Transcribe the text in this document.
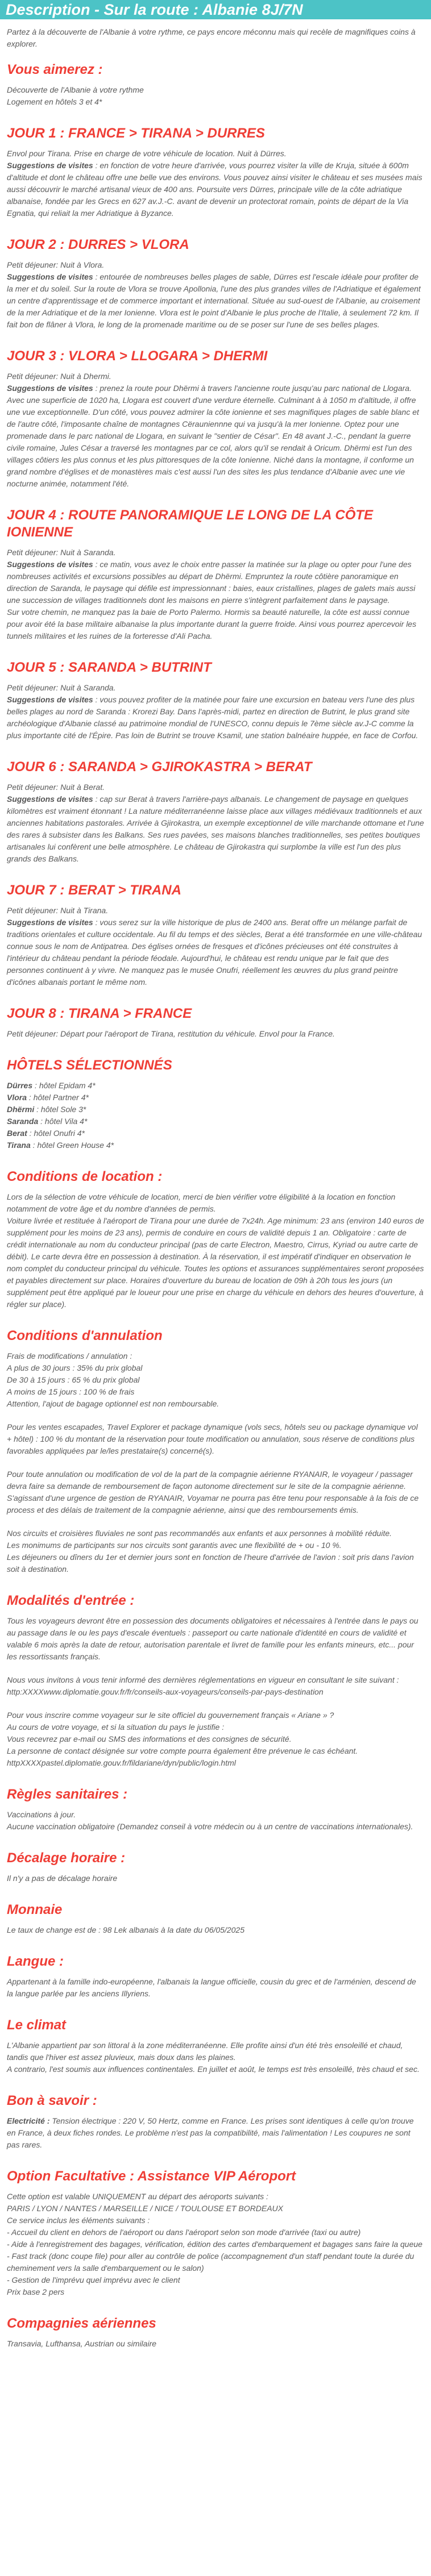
Description - Sur la route : Albanie 8J/7N

Partez à la découverte de l'Albanie à votre rythme, ce pays encore méconnu mais qui recèle de magnifiques coins à explorer.

Vous aimerez :

Découverte de l'Albanie à votre rythme

Logement en hôtels 3 et 4*

JOUR 1 : FRANCE > TIRANA > DURRES

Envol pour Tirana. Prise en charge de votre véhicule de location. Nuit à Dürres.

Suggestions de visites : en fonction de votre heure d'arrivée, vous pourrez visiter la ville de Kruja, située à 600m d'altitude et dont le château offre une belle vue des environs. Vous pouvez ainsi visiter le château et ses musées mais aussi découvrir le marché artisanal vieux de 400 ans. Poursuite vers Dürres, principale ville de la côte adriatique albanaise, fondée par les Grecs en 627 av.J.-C. avant de devenir un protectorat romain, points de départ de la Via Egnatia, qui reliait la mer Adriatique à Byzance.

JOUR 2 : DURRES > VLORA

Petit déjeuner: Nuit à Vlora.

Suggestions de visites : entourée de nombreuses belles plages de sable, Dürres est l'escale idéale pour profiter de la mer et du soleil. Sur la route de Vlora se trouve Apollonia, l'une des plus grandes villes de l'Adriatique et également un centre d'apprentissage et de commerce important et international. Située au sud-ouest de l'Albanie, au croisement de la mer Adriatique et de la mer Ionienne. Vlora est le point d'Albanie le plus proche de l'Italie, à seulement 72 km. Il fait bon de flâner à Vlora, le long de la promenade maritime ou de se poser sur l'une de ses belles plages.

JOUR 3 : VLORA > LLOGARA > DHERMI

Petit déjeuner: Nuit à Dhermi.

Suggestions de visites : prenez la route pour Dhërmi à travers l'ancienne route jusqu'au parc national de Llogara. Avec une superficie de 1020 ha, Llogara est couvert d'une verdure éternelle. Culminant à à 1050 m d'altitude, il offre une vue exceptionnelle. D'un côté, vous pouvez admirer la côte ionienne et ses magnifiques plages de sable blanc et de l'autre côté, l'imposante chaîne de montagnes Cërauniennne qui va jusqu'à la mer Ionienne. Optez pour une promenade dans le parc national de Llogara, en suivant le "sentier de César". En 48 avant J.-C., pendant la guerre civile romaine, Jules César a traversé les montagnes par ce col, alors qu'il se rendait à Oricum. Dhërmi est l'un des villages côtiers les plus connus et les plus pittoresques de la côte Ionienne. Niché dans la montagne, il conforme un grand nombre d'églises et de monastères mais c'est aussi l'un des sites les plus tendance d'Albanie avec une vie nocturne animée, notamment l'été.

JOUR 4 : ROUTE PANORAMIQUE LE LONG DE LA CÔTE IONIENNE

Petit déjeuner: Nuit à Saranda.

Suggestions de visites : ce matin, vous avez le choix entre passer la matinée sur la plage ou opter pour l'une des nombreuses activités et excursions possibles au départ de Dhërmi. Empruntez la route côtière panoramique en direction de Saranda, le paysage qui défile est impressionnant : baies, eaux cristallines, plages de galets mais aussi une succession de villages traditionnels dont les maisons en pierre s'intègrent parfaitement dans le paysage.
Sur votre chemin, ne manquez pas la baie de Porto Palermo. Hormis sa beauté naturelle, la côte est aussi connue pour avoir été la base militaire albanaise la plus importante durant la guerre froide. Ainsi vous pourrez apercevoir les tunnels militaires et les ruines de la forteresse d'Ali Pacha.

JOUR 5 : SARANDA > BUTRINT

Petit déjeuner: Nuit à Saranda.

Suggestions de visites : vous pouvez profiter de la matinée pour faire une excursion en bateau vers l'une des plus belles plages au nord de Saranda : Krorezi Bay. Dans l'après-midi, partez en direction de Butrint, le plus grand site archéologique d'Albanie classé au patrimoine mondial de l'UNESCO, connu depuis le 7ème siècle av.J-C comme la plus importante cité de l'Épire. Pas loin de Butrint se trouve Ksamil, une station balnéaire huppée, en face de Corfou.

JOUR 6 : SARANDA > GJIROKASTRA > BERAT

Petit déjeuner: Nuit à Berat.

Suggestions de visites : cap sur Berat à travers l'arrière-pays albanais. Le changement de paysage en quelques kilomètres est vraiment étonnant ! La nature méditerranéenne laisse place aux villages médiévaux traditionnels et aux anciennes habitations pastorales. Arrivée à Gjirokastra, un exemple exceptionnel de ville marchande ottomane et l'une des rares à subsister dans les Balkans. Ses rues pavées, ses maisons blanches traditionnelles, ses petites boutiques artisanales lui confèrent une belle atmosphère. Le château de Gjirokastra qui surplombe la ville est l'un des plus grands des Balkans.

JOUR 7 : BERAT > TIRANA

Petit déjeuner: Nuit à Tirana.

Suggestions de visites : vous serez sur la ville historique de plus de 2400 ans. Berat offre un mélange parfait de traditions orientales et culture occidentale. Au fil du temps et des siècles, Berat a été transformée en une ville-château connue sous le nom de Antipatrea. Des églises ornées de fresques et d'icônes précieuses ont été construites à l'intérieur du château pendant la période féodale. Aujourd'hui, le château est rendu unique par le fait que des personnes continuent à y vivre. Ne manquez pas le musée Onufri, réellement les œuvres du plus grand peintre d'icônes albanais portant le même nom.

JOUR 8 : TIRANA > FRANCE

Petit déjeuner: Départ pour l'aéroport de Tirana, restitution du véhicule. Envol pour la France.

HÔTELS SÉLECTIONNÉS

Dürres : hôtel Epidam 4*

Vlora : hôtel Partner 4*

Dhërmi : hôtel Sole 3*

Saranda : hôtel Vila 4*

Berat : hôtel Onufri 4*

Tirana : hôtel Green House 4*

Conditions de location :

Lors de la sélection de votre véhicule de location, merci de bien vérifier votre éligibilité à la location en fonction notamment de votre âge et du nombre d'années de permis.
Voiture livrée et restituée à l'aéroport de Tirana pour une durée de 7x24h. Age minimum: 23 ans (environ 140 euros de supplément pour les moins de 23 ans), permis de conduire en cours de validité depuis 1 an. Obligatoire : carte de crédit internationale au nom du conducteur principal (pas de carte Electron, Maestro, Cirrus, Kyriad ou autre carte de débit). Le carte devra être en possession à destination. À la réservation, il est impératif d'indiquer en observation le nom complet du conducteur principal du véhicule. Toutes les options et assurances supplémentaires seront proposées et payables directement sur place. Horaires d'ouverture du bureau de location de 09h à 20h tous les jours (un supplément peut être appliqué par le loueur pour une prise en charge du véhicule en dehors des heures d'ouverture, à régler sur place).

Conditions d'annulation

Frais de modifications / annulation :

A plus de 30 jours : 35% du prix global

De 30 à 15 jours : 65 % du prix global

A moins de 15 jours : 100 % de frais

Attention, l'ajout de bagage optionnel est non remboursable.

Pour les ventes escapades, Travel Explorer et package dynamique (vols secs, hôtels seu ou package dynamique vol + hôtel) : 100 % du montant de la réservation pour toute modification ou annulation, sous réserve de conditions plus favorables appliquées par le/les prestataire(s) concerné(s).

Pour toute annulation ou modification de vol de la part de la compagnie aérienne RYANAIR, le voyageur / passager devra faire sa demande de remboursement de façon autonome directement sur le site de la compagnie aérienne. S'agissant d'une urgence de gestion de RYANAIR, Voyamar ne pourra pas être tenu pour responsable à la fois de ce process et des délais de traitement de la compagnie aérienne, ainsi que des remboursements émis.

Nos circuits et croisières fluviales ne sont pas recommandés aux enfants et aux personnes à mobilité réduite.
Les monimums de participants sur nos circuits sont garantis avec une flexibilité de + ou - 10 %.
Les déjeuners ou dîners du 1er et dernier jours sont en fonction de l'heure d'arrivée de l'avion : soit pris dans l'avion soit à destination.

Modalités d'entrée :

Tous les voyageurs devront être en possession des documents obligatoires et nécessaires à l'entrée dans le pays ou au passage dans le ou les pays d'escale éventuels : passeport ou carte nationale d'identité en cours de validité et valable 6 mois après la date de retour, autorisation parentale et livret de famille pour les enfants mineurs, etc... pour les ressortissants français.

Nous vous invitons à vous tenir informé des dernières réglementations en vigueur en consultant le site suivant : http:XXXXwww.diplomatie.gouv.fr/fr/conseils-aux-voyageurs/conseils-par-pays-destination

Pour vous inscrire comme voyageur sur le site officiel du gouvernement français « Ariane » ?
Au cours de votre voyage, et si la situation du pays le justifie :
Vous recevrez par e-mail ou SMS des informations et des consignes de sécurité.
La personne de contact désignée sur votre compte pourra également être prévenue le cas échéant.
httpXXXXpastel.diplomatie.gouv.fr/fildariane/dyn/public/login.html

Règles sanitaires :

Vaccinations à jour.
Aucune vaccination obligatoire (Demandez conseil à votre médecin ou à un centre de vaccinations internationales).

Décalage horaire :

Il n'y a pas de décalage horaire

Monnaie

Le taux de change est de : 98 Lek albanais à la date du 06/05/2025

Langue :

Appartenant à la famille indo-européenne, l'albanais la langue officielle, cousin du grec et de l'arménien, descend de la langue parlée par les anciens Illyriens.

Le climat

L'Albanie appartient par son littoral à la zone méditerranéenne. Elle profite ainsi d'un été très ensoleillé et chaud, tandis que l'hiver est assez pluvieux, mais doux dans les plaines.
A contrario, l'est soumis aux influences continentales. En juillet et août, le temps est très ensoleillé, très chaud et sec.

Bon à savoir :

Electricité : Tension électrique : 220 V, 50 Hertz, comme en France. Les prises sont identiques à celle qu'on trouve en France, à deux fiches rondes. Le problème n'est pas la compatibilité, mais l'alimentation ! Les coupures ne sont pas rares.

Option Facultative : Assistance VIP Aéroport

Cette option est valable UNIQUEMENT au départ des aéroports suivants :

PARIS / LYON / NANTES / MARSEILLE / NICE / TOULOUSE ET BORDEAUX

Ce service inclus les éléments suivants :

- Accueil du client en dehors de l'aéroport ou dans l'aéroport selon son mode d'arrivée (taxi ou autre)

- Aide à l'enregistrement des bagages, vérification, édition des cartes d'embarquement et bagages sans faire la queue

- Fast track (donc coupe file) pour aller au contrôle de police (accompagnement d'un staff pendant toute la durée du cheminement vers la salle d'embarquement ou le salon)

- Gestion de l'imprévu quel imprévu avec le client

Prix base 2 pers

Compagnies aériennes

Transavia, Lufthansa, Austrian ou similaire
